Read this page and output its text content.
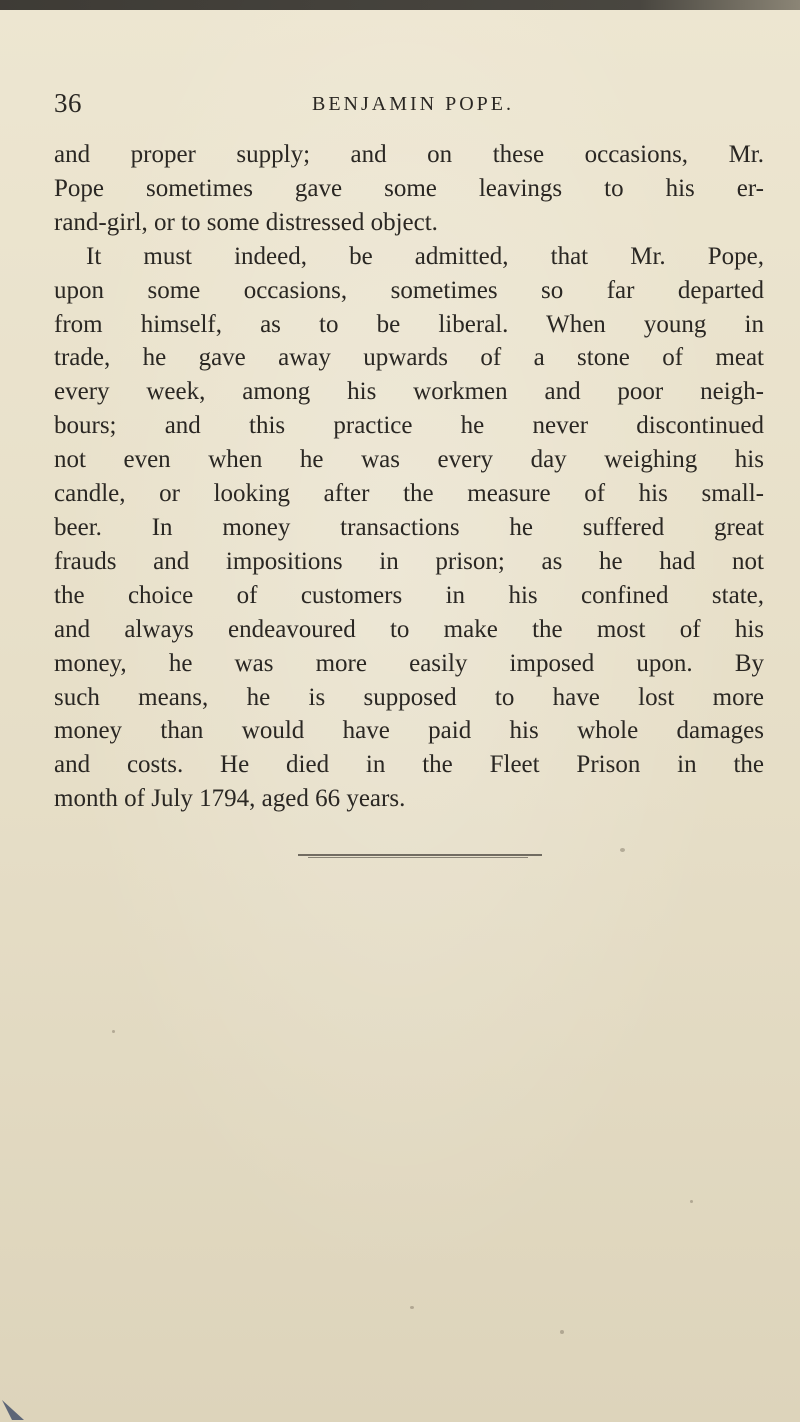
36	BENJAMIN POPE.
and proper supply; and on these occasions, Mr.
Pope sometimes gave some leavings to his er-
rand-girl, or to some distressed object.
It must indeed, be admitted, that Mr. Pope,
upon some occasions, sometimes so far departed
from himself, as to be liberal. When young in
trade, he gave away upwards of a stone of meat
every week, among his workmen and poor neigh-
bours; and this practice he never discontinued
not even when he was every day weighing his
candle, or looking after the measure of his small-
beer. In money transactions he suffered great
frauds and impositions in prison; as he had not
the choice of customers in his confined state,
and always endeavoured to make the most of his
money, he was more easily imposed upon. By
such means, he is supposed to have lost more
money than would have paid his whole damages
and costs. He died in the Fleet Prison in the
month of July 1794, aged 66 years.
